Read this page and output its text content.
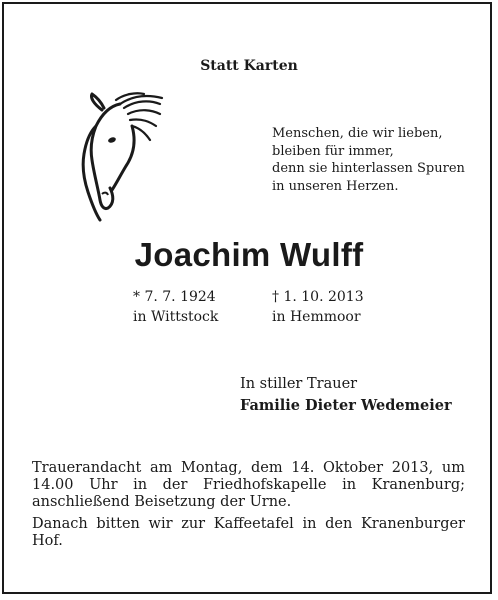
Statt Karten
Menschen, die wir lieben,
bleiben für immer,
denn sie hinterlassen Spuren
in unseren Herzen.
Joachim Wulff
* 7. 7. 1924
in Wittstock
† 1. 10. 2013
in Hemmoor
In stiller Trauer
Familie Dieter Wedemeier

Trauerandacht am Montag, dem 14. Oktober 2013, um 14.00 Uhr in der Friedhofskapelle in Kranenburg; anschließend Beisetzung der Urne.

Danach bitten wir zur Kaffeetafel in den Kranenburger Hof.
